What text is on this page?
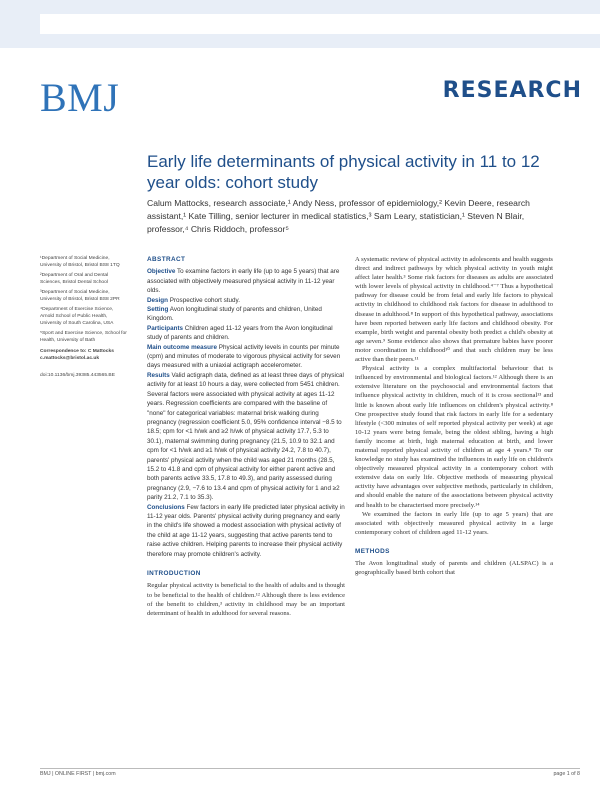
BMJ	RESEARCH
Early life determinants of physical activity in 11 to 12 year olds: cohort study
Calum Mattocks, research associate,¹ Andy Ness, professor of epidemiology,² Kevin Deere, research assistant,¹ Kate Tilling, senior lecturer in medical statistics,³ Sam Leary, statistician,¹ Steven N Blair, professor,⁴ Chris Riddoch, professor⁵

¹Department of Social Medicine, University of Bristol, Bristol BS8 1TQ

²Department of Oral and Dental Sciences, Bristol Dental School

³Department of Social Medicine, University of Bristol, Bristol BS8 2PR

⁴Department of Exercise Science, Arnold School of Public Health, University of South Carolina, USA

⁵Sport and Exercise Science, School for Health, University of Bath

Correspondence to: C Mattocks c.mattocks@bristol.ac.uk
doi:10.1136/bmj.39385.443565.BE
ABSTRACT

Objective To examine factors in early life (up to age 5 years) that are associated with objectively measured physical activity in 11-12 year olds.

Design Prospective cohort study.

Setting Avon longitudinal study of parents and children, United Kingdom.

Participants Children aged 11-12 years from the Avon longitudinal study of parents and children.

Main outcome measure Physical activity levels in counts per minute (cpm) and minutes of moderate to vigorous physical activity for seven days measured with a uniaxial actigraph accelerometer.

Results Valid actigraph data, defined as at least three days of physical activity for at least 10 hours a day, were collected from 5451 children. Several factors were associated with physical activity at ages 11-12 years. Regression coefficients are compared with the baseline of "none" for categorical variables: maternal brisk walking during pregnancy (regression coefficient 5.0, 95% confidence interval −8.5 to 18.5; cpm for <1 h/wk and ≥2 h/wk of physical activity 17.7, 5.3 to 30.1), maternal swimming during pregnancy (21.5, 10.9 to 32.1 and cpm for <1 h/wk and ≥1 h/wk of physical activity 24.2, 7.8 to 40.7), parents' physical activity when the child was aged 21 months (28.5, 15.2 to 41.8 and cpm of physical activity for either parent active and both parents active 33.5, 17.8 to 49.3), and parity assessed during pregnancy (2.9, −7.6 to 13.4 and cpm of physical activity for 1 and ≥2 parity 21.2, 7.1 to 35.3).

Conclusions Few factors in early life predicted later physical activity in 11-12 year olds. Parents' physical activity during pregnancy and early in the child's life showed a modest association with physical activity of the child at age 11-12 years, suggesting that active parents tend to raise active children. Helping parents to increase their physical activity therefore may promote children's activity.

INTRODUCTION

Regular physical activity is beneficial to the health of adults and is thought to be beneficial to the health of children.¹² Although there is less evidence of the benefit to children,³ activity in childhood may be an important determinant of health in adulthood for several reasons.

A systematic review of physical activity in adolescents and health suggests direct and indirect pathways by which physical activity in youth might affect later health.³ Some risk factors for diseases as adults are associated with lower levels of physical activity in childhood.⁴⁻⁷ Thus a hypothetical pathway for disease could be from fetal and early life factors to physical activity in childhood to childhood risk factors for disease in adulthood to disease in adulthood.⁸ In support of this hypothetical pathway, associations have been reported between early life factors and childhood obesity. For example, birth weight and parental obesity both predict a child's obesity at age seven.⁹ Some evidence also shows that premature babies have poorer motor coordination in childhood¹⁰ and that such children may be less active than their peers.¹¹

Physical activity is a complex multifactorial behaviour that is influenced by environmental and biological factors.¹² Although there is an extensive literature on the psychosocial and environmental factors that influence physical activity in children, much of it is cross sectional¹³ and little is known about early life influences on children's physical activity.⁸ One prospective study found that risk factors in early life for a sedentary lifestyle (<300 minutes of self reported physical activity per week) at age 10-12 years were being female, being the oldest sibling, having a high family income at birth, high maternal education at birth, and lower maternal reported physical activity of children at age 4 years.⁸ To our knowledge no study has examined the influences in early life on children's objectively measured physical activity in a contemporary cohort with extensive data on early life. Objective methods of measuring physical activity have advantages over subjective methods, particularly in children, and should enable the nature of the associations between physical activity and health to be characterised more precisely.¹⁴

We examined the factors in early life (up to age 5 years) that are associated with objectively measured physical activity in a large contemporary cohort of children aged 11-12 years.

METHODS

The Avon longitudinal study of parents and children (ALSPAC) is a geographically based birth cohort that

BMJ | ONLINE FIRST | bmj.com	page 1 of 8
